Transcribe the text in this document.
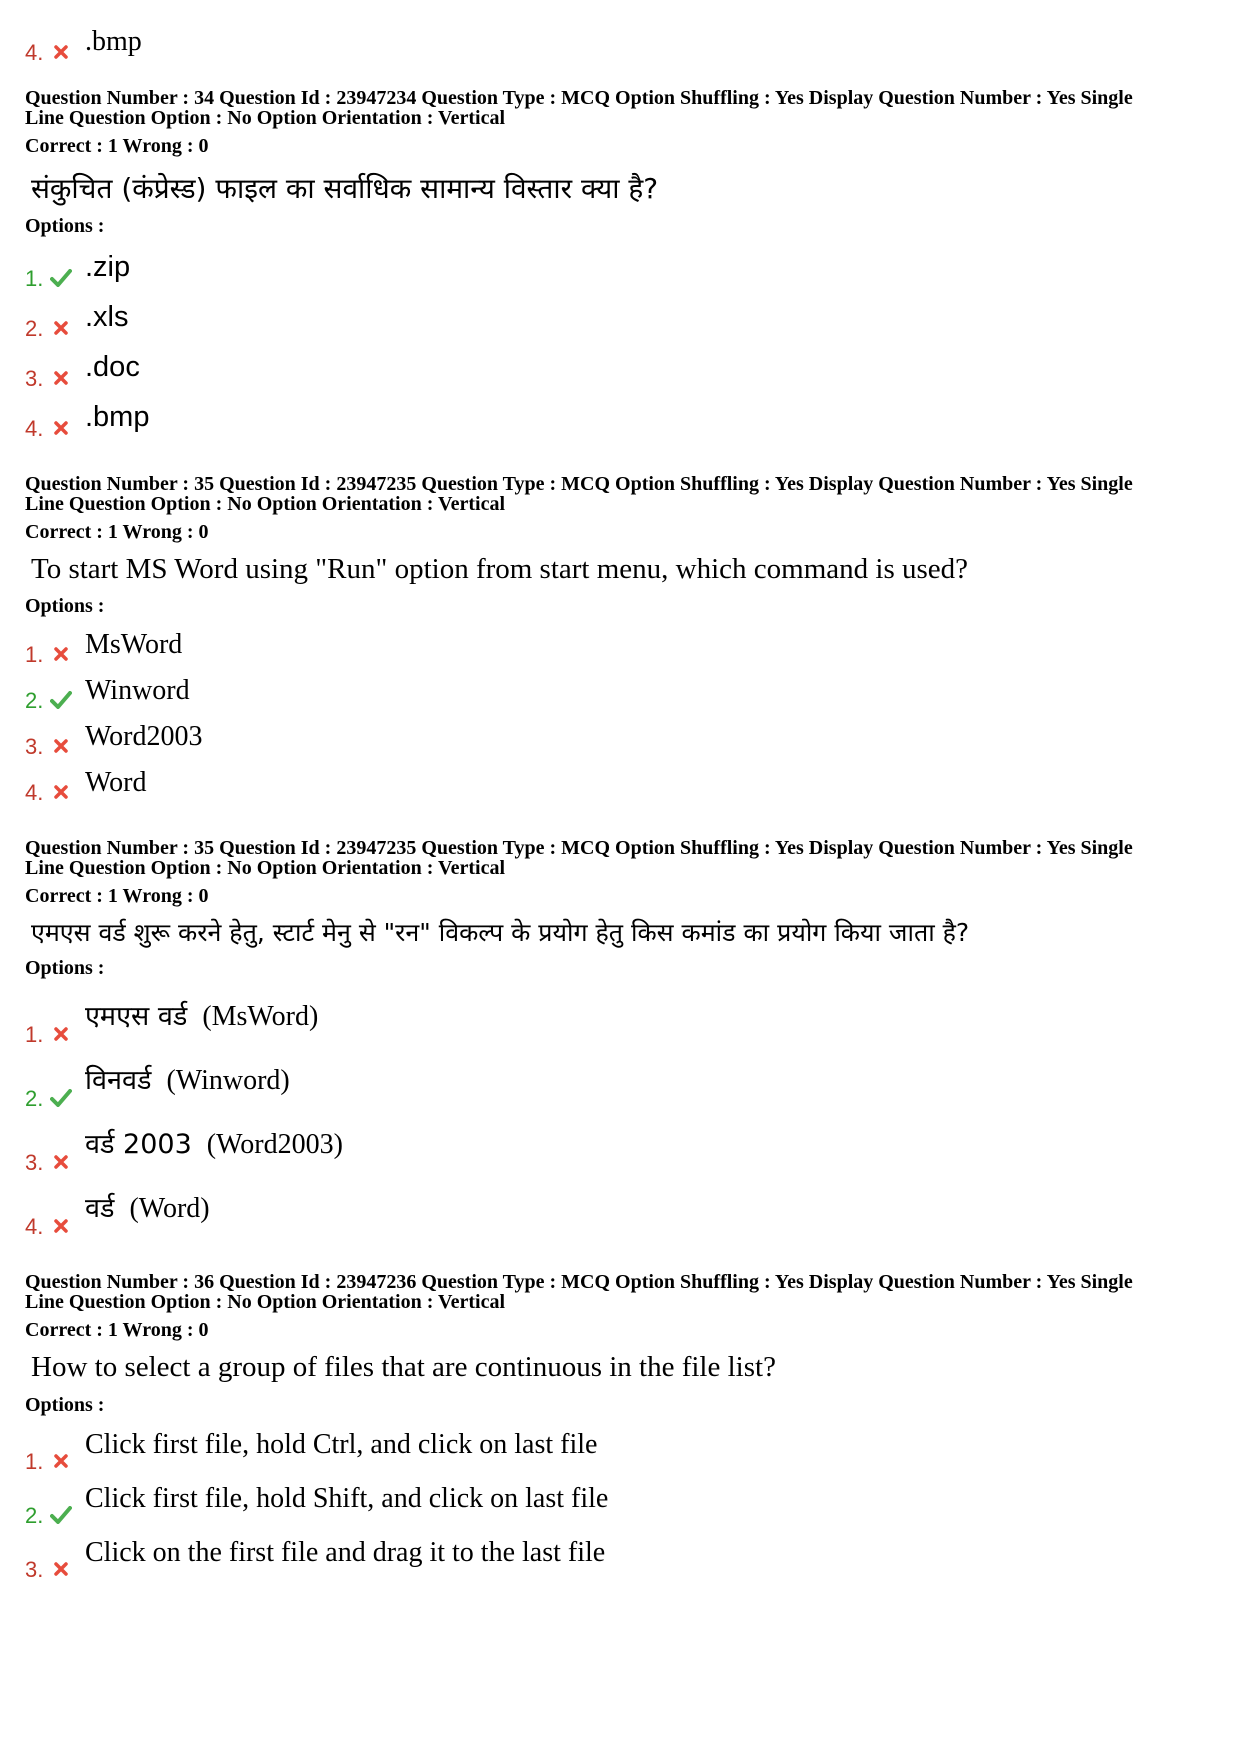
4. .bmp
Question Number : 34 Question Id : 23947234 Question Type : MCQ Option Shuffling : Yes Display Question Number : Yes Single
Line Question Option : No Option Orientation : Vertical
Correct : 1 Wrong : 0
संकुचित (कंप्रेस्ड) फाइल का सर्वाधिक सामान्य विस्तार क्या है?
Options :
1. .zip
2. .xls
3. .doc
4. .bmp
Question Number : 35 Question Id : 23947235 Question Type : MCQ Option Shuffling : Yes Display Question Number : Yes Single
Line Question Option : No Option Orientation : Vertical
Correct : 1 Wrong : 0
To start MS Word using "Run" option from start menu, which command is used?
Options :
1. MsWord
2. Winword
3. Word2003
4. Word
Question Number : 35 Question Id : 23947235 Question Type : MCQ Option Shuffling : Yes Display Question Number : Yes Single
Line Question Option : No Option Orientation : Vertical
Correct : 1 Wrong : 0
एमएस वर्ड शुरू करने हेतु, स्टार्ट मेनु से "रन" विकल्प के प्रयोग हेतु किस कमांड का प्रयोग किया जाता है?
Options :
1.
एमएस वर्ड (MsWord)
2.
विनवर्ड (Winword)
3.
वर्ड 2003 (Word2003)
4.
वर्ड (Word)
Question Number : 36 Question Id : 23947236 Question Type : MCQ Option Shuffling : Yes Display Question Number : Yes Single
Line Question Option : No Option Orientation : Vertical
Correct : 1 Wrong : 0
How to select a group of files that are continuous in the file list?
Options :
1.
Click first file, hold Ctrl, and click on last file
2.
Click first file, hold Shift, and click on last file
3.
Click on the first file and drag it to the last file
